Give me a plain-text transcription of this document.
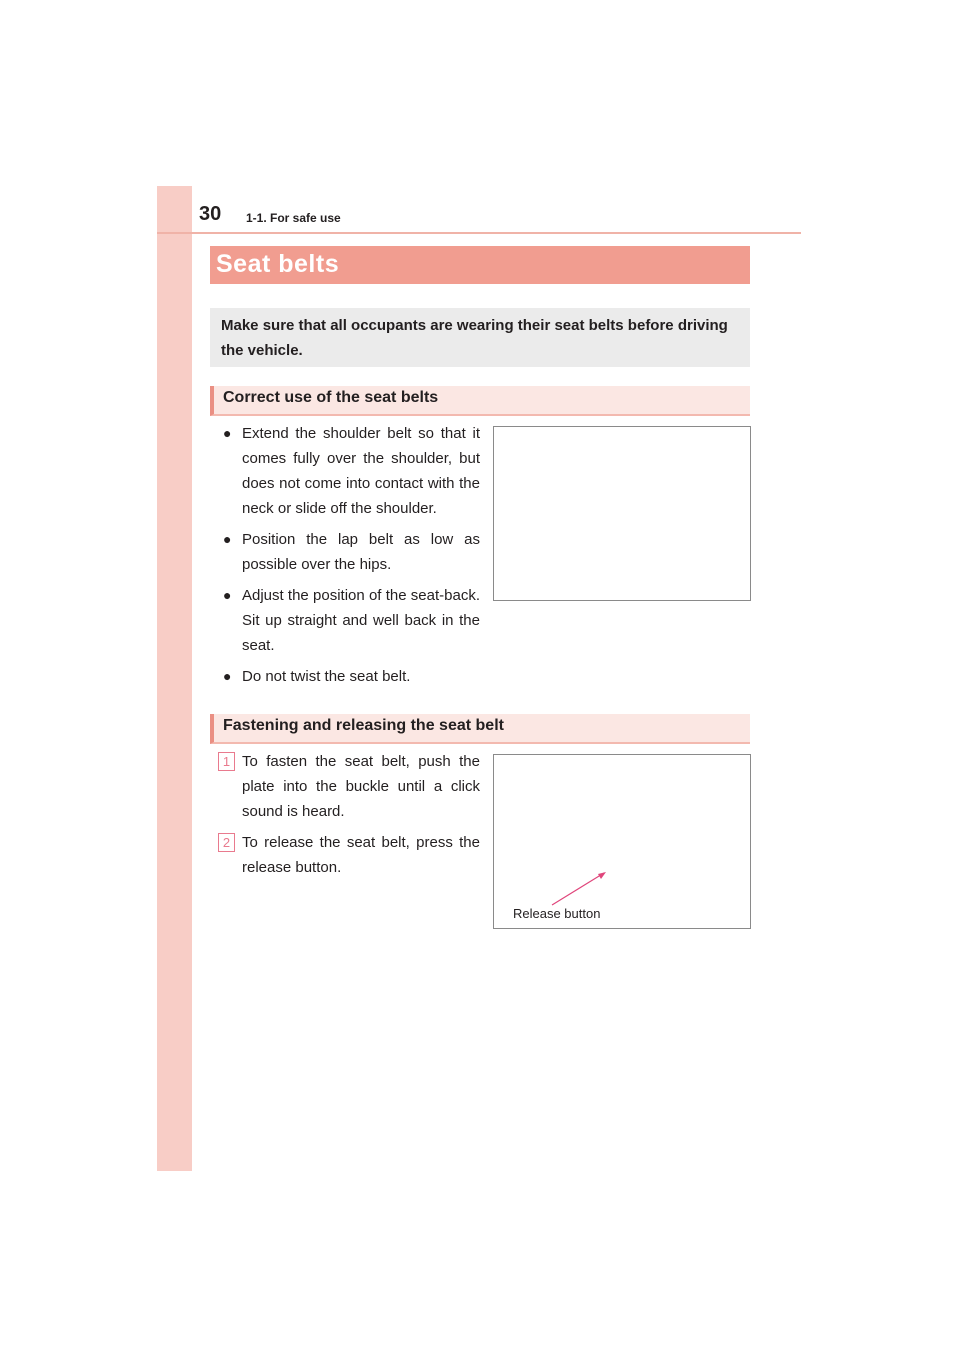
30 1-1. For safe use
Seat belts

Make sure that all occupants are wearing their seat belts before driving the vehicle.

Correct use of the seat belts
● Extend the shoulder belt so that it comes fully over the shoulder, but does not come into contact with the neck or slide off the shoulder.
● Position the lap belt as low as possible over the hips.
● Adjust the position of the seat-back. Sit up straight and well back in the seat.
● Do not twist the seat belt.
Fastening and releasing the seat belt
1 To fasten the seat belt, push the plate into the buckle until a click sound is heard.
2 To release the seat belt, press the release button.
Release button
